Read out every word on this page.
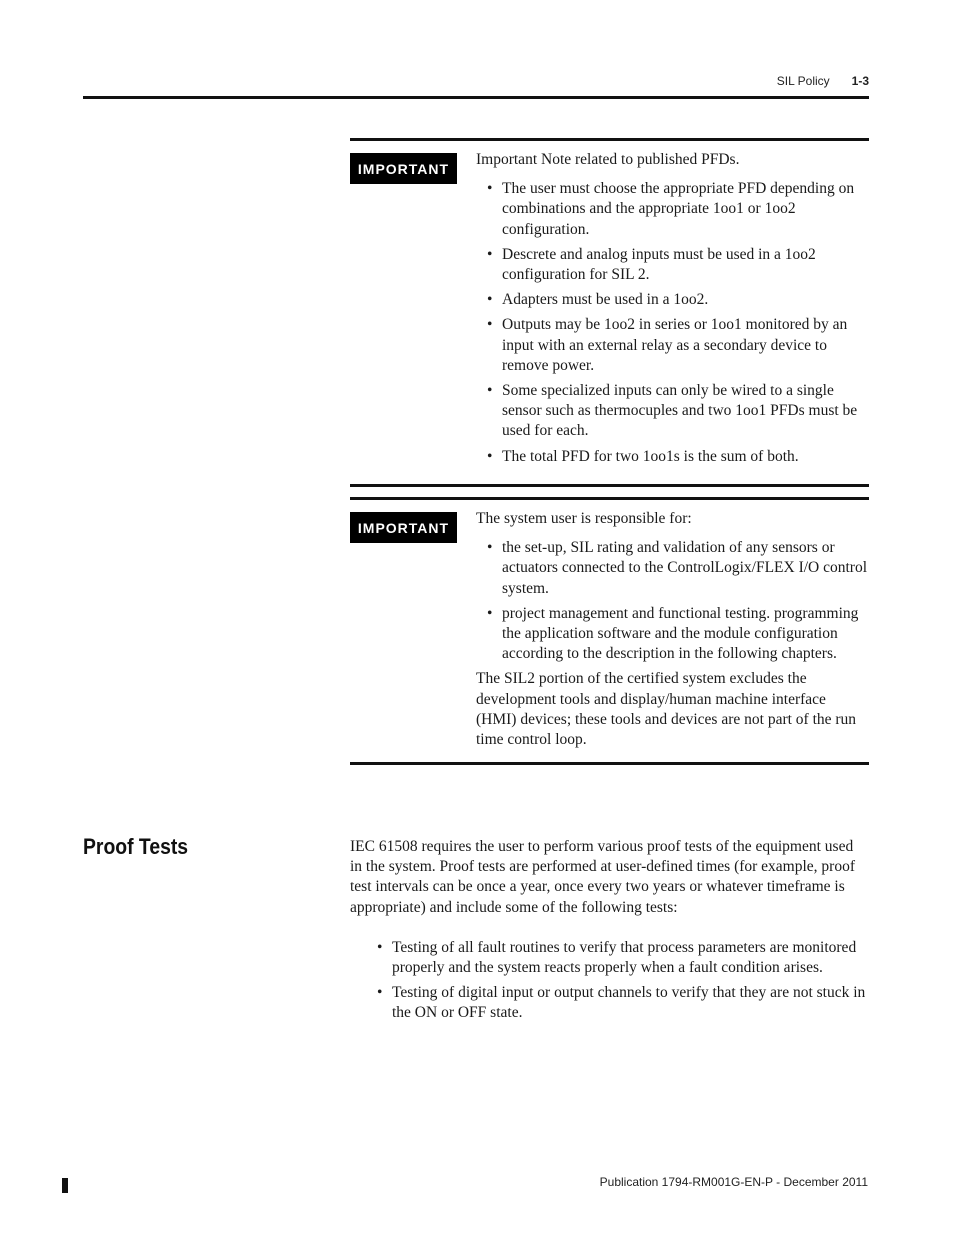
SIL Policy 1-3
IMPORTANT

Important Note related to published PFDs.

• The user must choose the appropriate PFD depending on combinations and the appropriate 1oo1 or 1oo2 configuration.
• Descrete and analog inputs must be used in a 1oo2 configuration for SIL 2.
• Adapters must be used in a 1oo2.
• Outputs may be 1oo2 in series or 1oo1 monitored by an input with an external relay as a secondary device to remove power.
• Some specialized inputs can only be wired to a single sensor such as thermocuples and two 1oo1 PFDs must be used for each.
• The total PFD for two 1oo1s is the sum of both.
IMPORTANT

The system user is responsible for:

• the set-up, SIL rating and validation of any sensors or actuators connected to the ControlLogix/FLEX I/O control system.
• project management and functional testing. programming the application software and the module configuration according to the description in the following chapters.

The SIL2 portion of the certified system excludes the development tools and display/human machine interface (HMI) devices; these tools and devices are not part of the run time control loop.

Proof Tests	IEC 61508 requires the user to perform various proof tests of the equipment used in the system. Proof tests are performed at user-defined times (for example, proof test intervals can be once a year, once every two years or whatever timeframe is appropriate) and include some of the following tests:

• Testing of all fault routines to verify that process parameters are monitored properly and the system reacts properly when a fault condition arises.
• Testing of digital input or output channels to verify that they are not stuck in the ON or OFF state.
Publication 1794-RM001G-EN-P - December 2011
